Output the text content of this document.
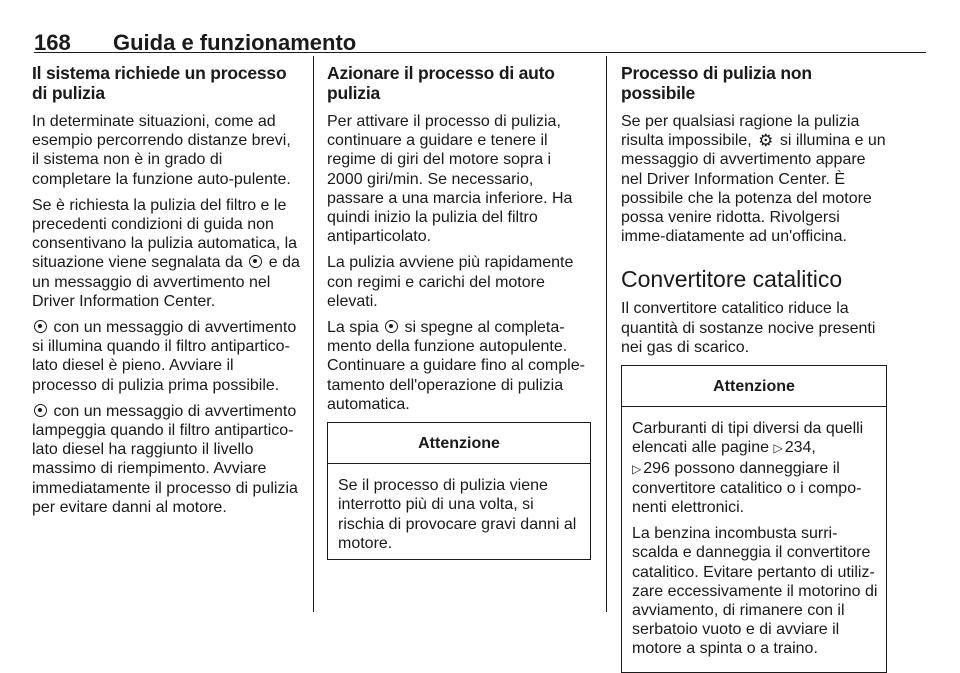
168 Guida e funzionamento
Il sistema richiede un processo di pulizia

In determinate situazioni, come ad esempio percorrendo distanze brevi, il sistema non è in grado di completare la funzione auto-pulente.

Se è richiesta la pulizia del filtro e le precedenti condizioni di guida non consentivano la pulizia automatica, la situazione viene segnalata da e da un messaggio di avvertimento nel Driver Information Center.

con un messaggio di avvertimento si illumina quando il filtro antipartico-lato diesel è pieno. Avviare il processo di pulizia prima possibile.

con un messaggio di avvertimento lampeggia quando il filtro antipartico-lato diesel ha raggiunto il livello massimo di riempimento. Avviare immediatamente il processo di pulizia per evitare danni al motore.

Azionare il processo di auto pulizia

Per attivare il processo di pulizia, continuare a guidare e tenere il regime di giri del motore sopra i 2000 giri/min. Se necessario, passare a una marcia inferiore. Ha quindi inizio la pulizia del filtro antiparticolato.

La pulizia avviene più rapidamente con regimi e carichi del motore elevati.

La spia si spegne al completa-mento della funzione autopulente. Continuare a guidare fino al comple-tamento dell'operazione di pulizia automatica.

Attenzione
Se il processo di pulizia viene interrotto più di una volta, si rischia di provocare gravi danni al motore.
Processo di pulizia non possibile

Se per qualsiasi ragione la pulizia risulta impossibile, ⚙ si illumina e un messaggio di avvertimento appare nel Driver Information Center. È possibile che la potenza del motore possa venire ridotta. Rivolgersi imme-diatamente ad un'officina.

Convertitore catalitico

Il convertitore catalitico riduce la quantità di sostanze nocive presenti nei gas di scarico.

Attenzione

Carburanti di tipi diversi da quelli elencati alle pagine ▷ 234,
▷ 296 possono danneggiare il convertitore catalitico o i compo-nenti elettronici.

La benzina incombusta surri-scalda e danneggia il convertitore catalitico. Evitare pertanto di utiliz-zare eccessivamente il motorino di avviamento, di rimanere con il serbatoio vuoto e di avviare il motore a spinta o a traino.
